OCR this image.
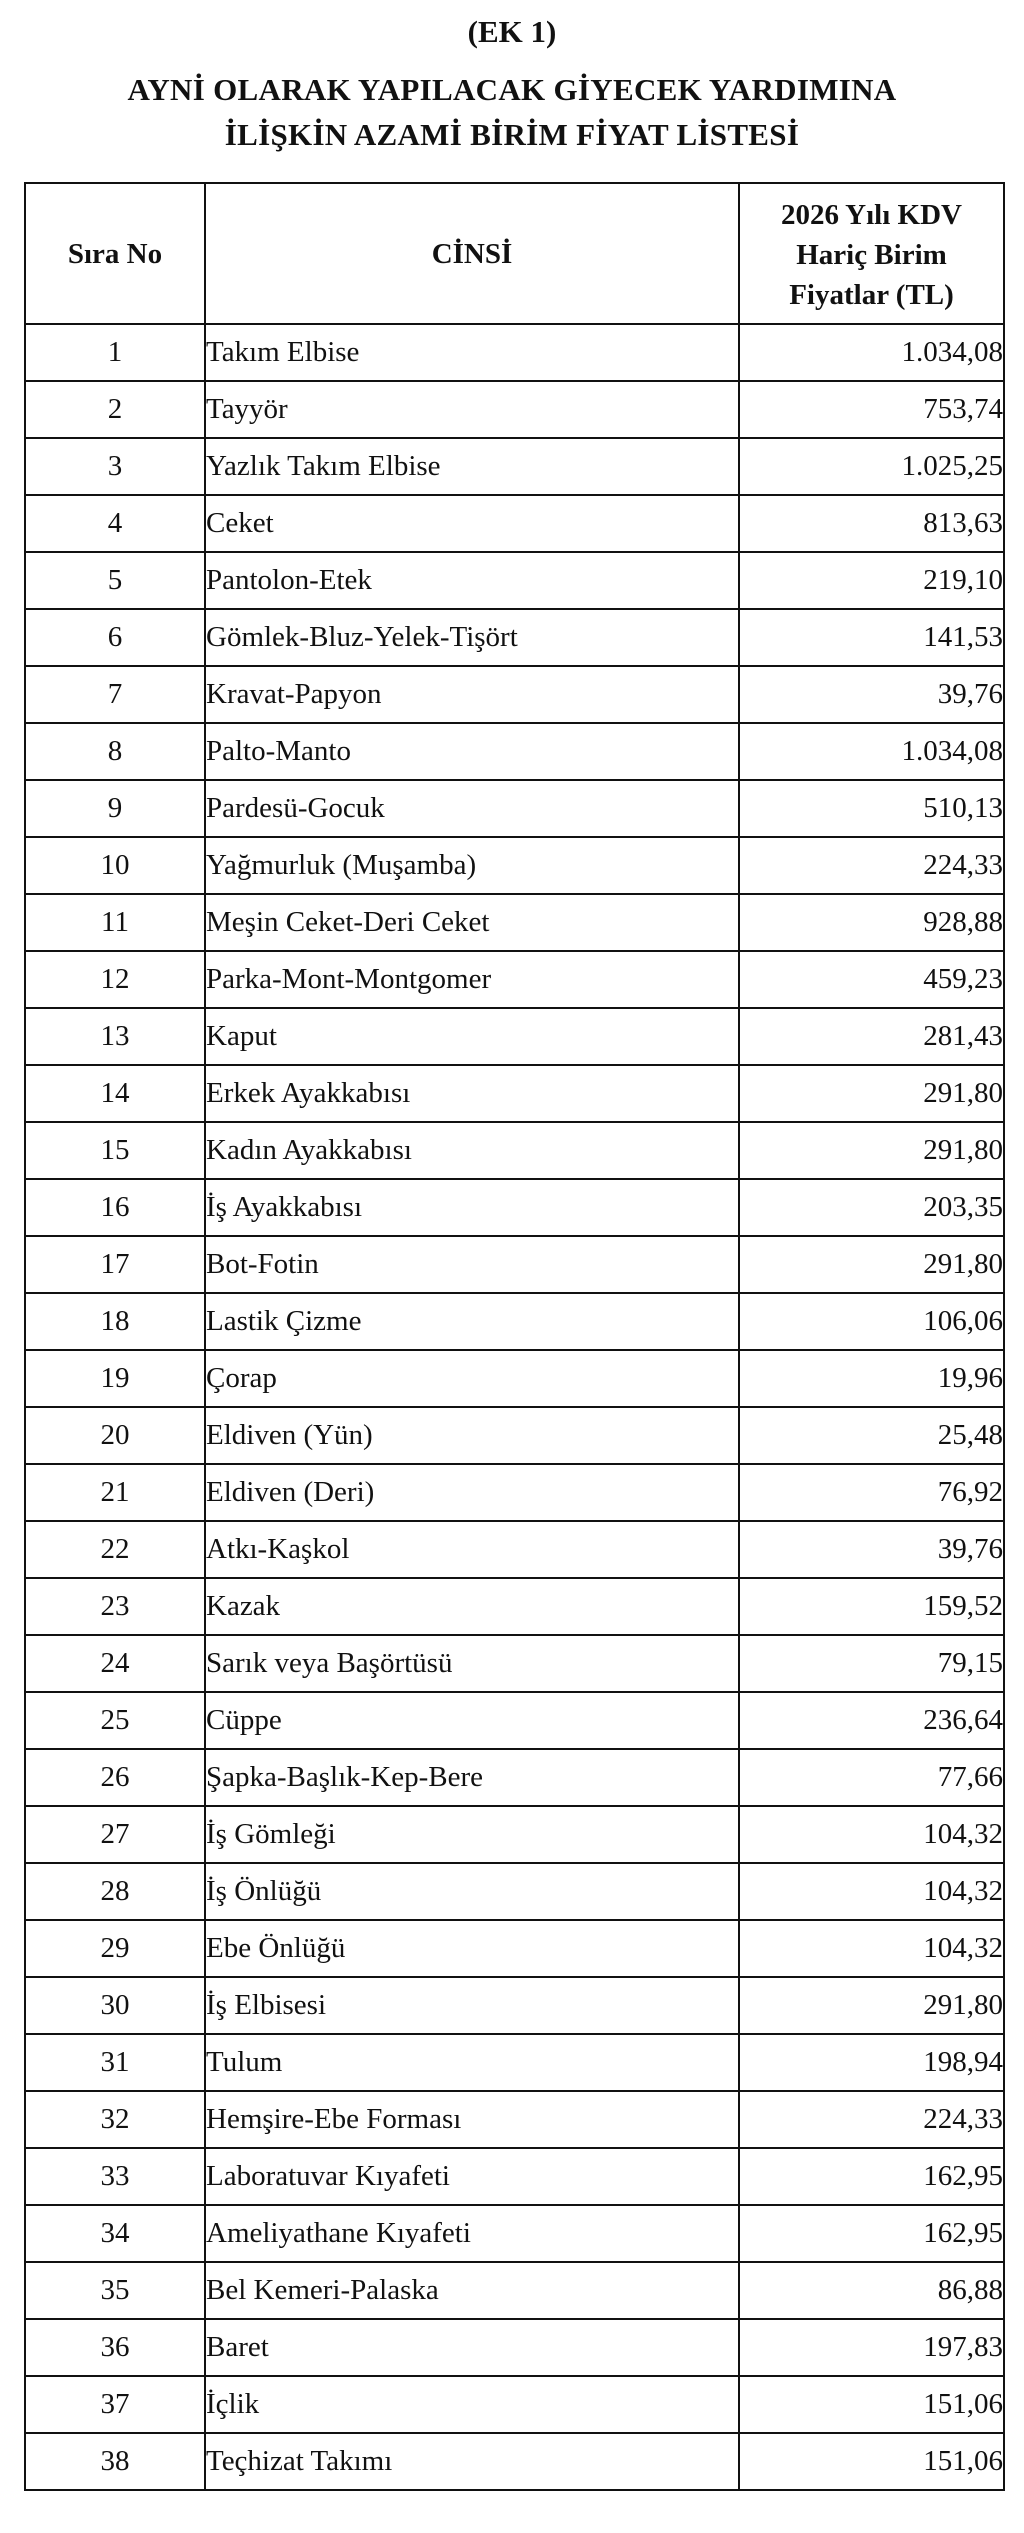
(EK 1)
AYNİ OLARAK YAPILACAK GİYECEK YARDIMINA
İLİŞKİN AZAMİ BİRİM FİYAT LİSTESİ
Sıra No	CİNSİ	2026 Yılı KDV
Hariç Birim
Fiyatlar (TL)

1	Takım Elbise	1.034,08
2	Tayyör	753,74
3	Yazlık Takım Elbise	1.025,25
4	Ceket	813,63
5	Pantolon-Etek	219,10
6	Gömlek-Bluz-Yelek-Tişört	141,53
7	Kravat-Papyon	39,76
8	Palto-Manto	1.034,08
9	Pardesü-Gocuk	510,13
10	Yağmurluk (Muşamba)	224,33
11	Meşin Ceket-Deri Ceket	928,88
12	Parka-Mont-Montgomer	459,23
13	Kaput	281,43
14	Erkek Ayakkabısı	291,80
15	Kadın Ayakkabısı	291,80
16	İş Ayakkabısı	203,35
17	Bot-Fotin	291,80
18	Lastik Çizme	106,06
19	Çorap	19,96
20	Eldiven (Yün)	25,48
21	Eldiven (Deri)	76,92
22	Atkı-Kaşkol	39,76
23	Kazak	159,52
24	Sarık veya Başörtüsü	79,15
25	Cüppe	236,64
26	Şapka-Başlık-Kep-Bere	77,66
27	İş Gömleği	104,32
28	İş Önlüğü	104,32
29	Ebe Önlüğü	104,32
30	İş Elbisesi	291,80
31	Tulum	198,94
32	Hemşire-Ebe Forması	224,33
33	Laboratuvar Kıyafeti	162,95
34	Ameliyathane Kıyafeti	162,95
35	Bel Kemeri-Palaska	86,88
36	Baret	197,83
37	İçlik	151,06
38	Teçhizat Takımı	151,06
